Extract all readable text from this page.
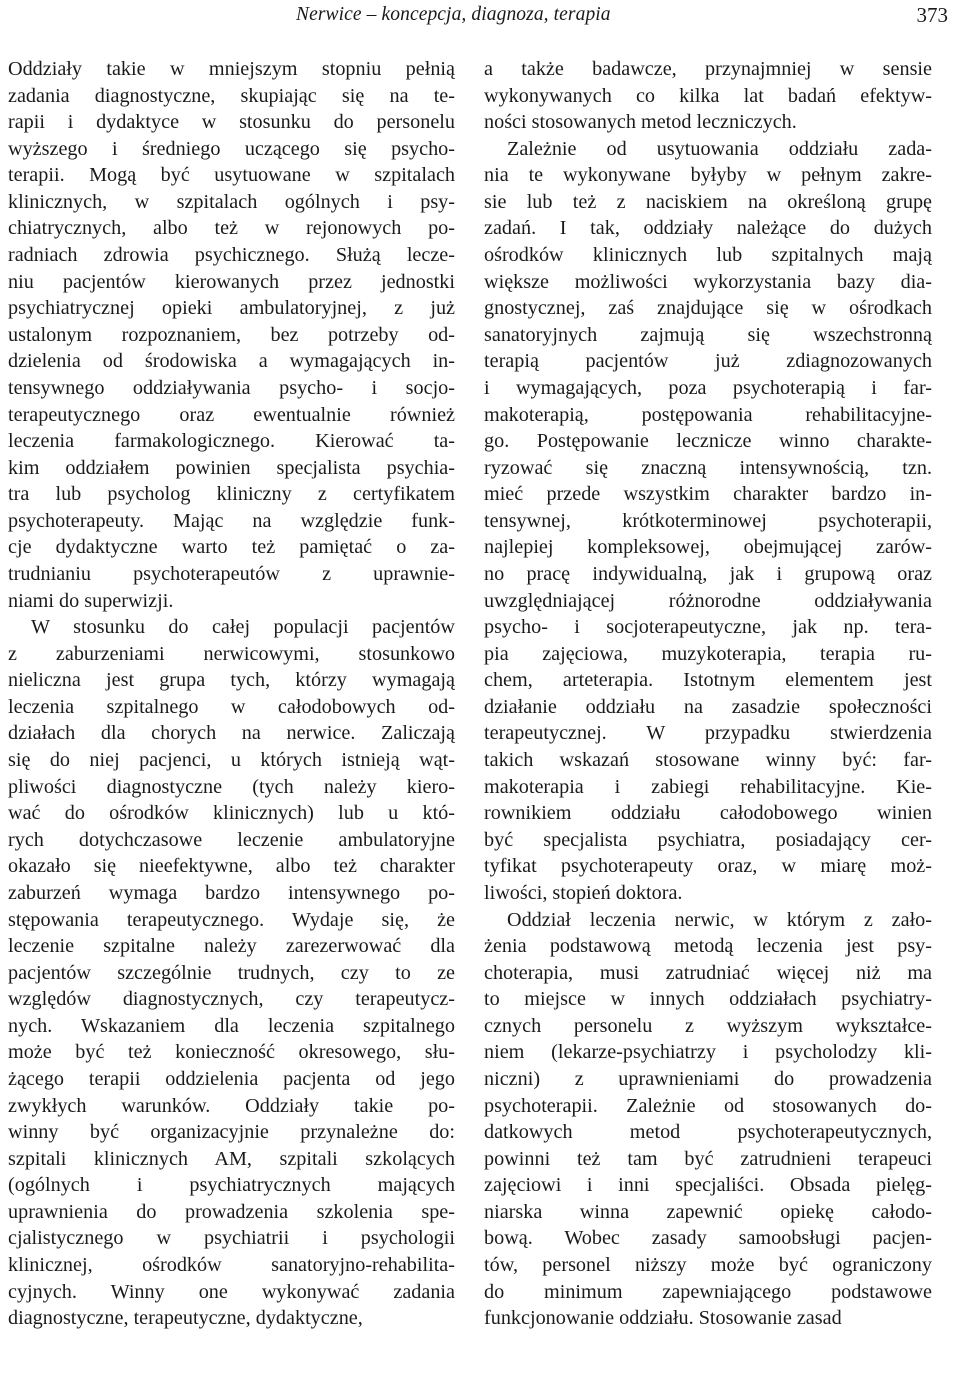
Nerwice – koncepcja, diagnoza, terapia	373
Oddziały takie w mniejszym stopniu pełnią
zadania diagnostyczne, skupiając się na te-
rapii i dydaktyce w stosunku do personelu
wyższego i średniego uczącego się psycho-
terapii. Mogą być usytuowane w szpitalach
klinicznych, w szpitalach ogólnych i psy-
chiatrycznych, albo też w rejonowych po-
radniach zdrowia psychicznego. Służą lecze-
niu pacjentów kierowanych przez jednostki
psychiatrycznej opieki ambulatoryjnej, z już
ustalonym rozpoznaniem, bez potrzeby od-
dzielenia od środowiska a wymagających in-
tensywnego oddziaływania psycho- i socjo-
terapeutycznego oraz ewentualnie również
leczenia farmakologicznego. Kierować ta-
kim oddziałem powinien specjalista psychia-
tra lub psycholog kliniczny z certyfikatem
psychoterapeuty. Mając na względzie funk-
cje dydaktyczne warto też pamiętać o za-
trudnianiu psychoterapeutów z uprawnie-
niami do superwizji.
W stosunku do całej populacji pacjentów
z zaburzeniami nerwicowymi, stosunkowo
nieliczna jest grupa tych, którzy wymagają
leczenia szpitalnego w całodobowych od-
działach dla chorych na nerwice. Zaliczają
się do niej pacjenci, u których istnieją wąt-
pliwości diagnostyczne (tych należy kiero-
wać do ośrodków klinicznych) lub u któ-
rych dotychczasowe leczenie ambulatoryjne
okazało się nieefektywne, albo też charakter
zaburzeń wymaga bardzo intensywnego po-
stępowania terapeutycznego. Wydaje się, że
leczenie szpitalne należy zarezerwować dla
pacjentów szczególnie trudnych, czy to ze
względów diagnostycznych, czy terapeutycz-
nych. Wskazaniem dla leczenia szpitalnego
może być też konieczność okresowego, słu-
żącego terapii oddzielenia pacjenta od jego
zwykłych warunków. Oddziały takie po-
winny być organizacyjnie przynależne do:
szpitali klinicznych AM, szpitali szkolących
(ogólnych i psychiatrycznych mających
uprawnienia do prowadzenia szkolenia spe-
cjalistycznego w psychiatrii i psychologii
klinicznej, ośrodków sanatoryjno-rehabilita-
cyjnych. Winny one wykonywać zadania
diagnostyczne, terapeutyczne, dydaktyczne,
a także badawcze, przynajmniej w sensie
wykonywanych co kilka lat badań efektyw-
ności stosowanych metod leczniczych.
Zależnie od usytuowania oddziału zada-
nia te wykonywane byłyby w pełnym zakre-
sie lub też z naciskiem na określoną grupę
zadań. I tak, oddziały należące do dużych
ośrodków klinicznych lub szpitalnych mają
większe możliwości wykorzystania bazy dia-
gnostycznej, zaś znajdujące się w ośrodkach
sanatoryjnych zajmują się wszechstronną
terapią pacjentów już zdiagnozowanych
i wymagających, poza psychoterapią i far-
makoterapią, postępowania rehabilitacyjne-
go. Postępowanie lecznicze winno charakte-
ryzować się znaczną intensywnością, tzn.
mieć przede wszystkim charakter bardzo in-
tensywnej, krótkoterminowej psychoterapii,
najlepiej kompleksowej, obejmującej zarów-
no pracę indywidualną, jak i grupową oraz
uwzględniającej różnorodne oddziaływania
psycho- i socjoterapeutyczne, jak np. tera-
pia zajęciowa, muzykoterapia, terapia ru-
chem, arteterapia. Istotnym elementem jest
działanie oddziału na zasadzie społeczności
terapeutycznej. W przypadku stwierdzenia
takich wskazań stosowane winny być: far-
makoterapia i zabiegi rehabilitacyjne. Kie-
rownikiem oddziału całodobowego winien
być specjalista psychiatra, posiadający cer-
tyfikat psychoterapeuty oraz, w miarę moż-
liwości, stopień doktora.
Oddział leczenia nerwic, w którym z zało-
żenia podstawową metodą leczenia jest psy-
choterapia, musi zatrudniać więcej niż ma
to miejsce w innych oddziałach psychiatry-
cznych personelu z wyższym wykształce-
niem (lekarze-psychiatrzy i psycholodzy kli-
niczni) z uprawnieniami do prowadzenia
psychoterapii. Zależnie od stosowanych do-
datkowych metod psychoterapeutycznych,
powinni też tam być zatrudnieni terapeuci
zajęciowi i inni specjaliści. Obsada pielęg-
niarska winna zapewnić opiekę całodo-
bową. Wobec zasady samoobsługi pacjen-
tów, personel niższy może być ograniczony
do minimum zapewniającego podstawowe
funkcjonowanie oddziału. Stosowanie zasad
